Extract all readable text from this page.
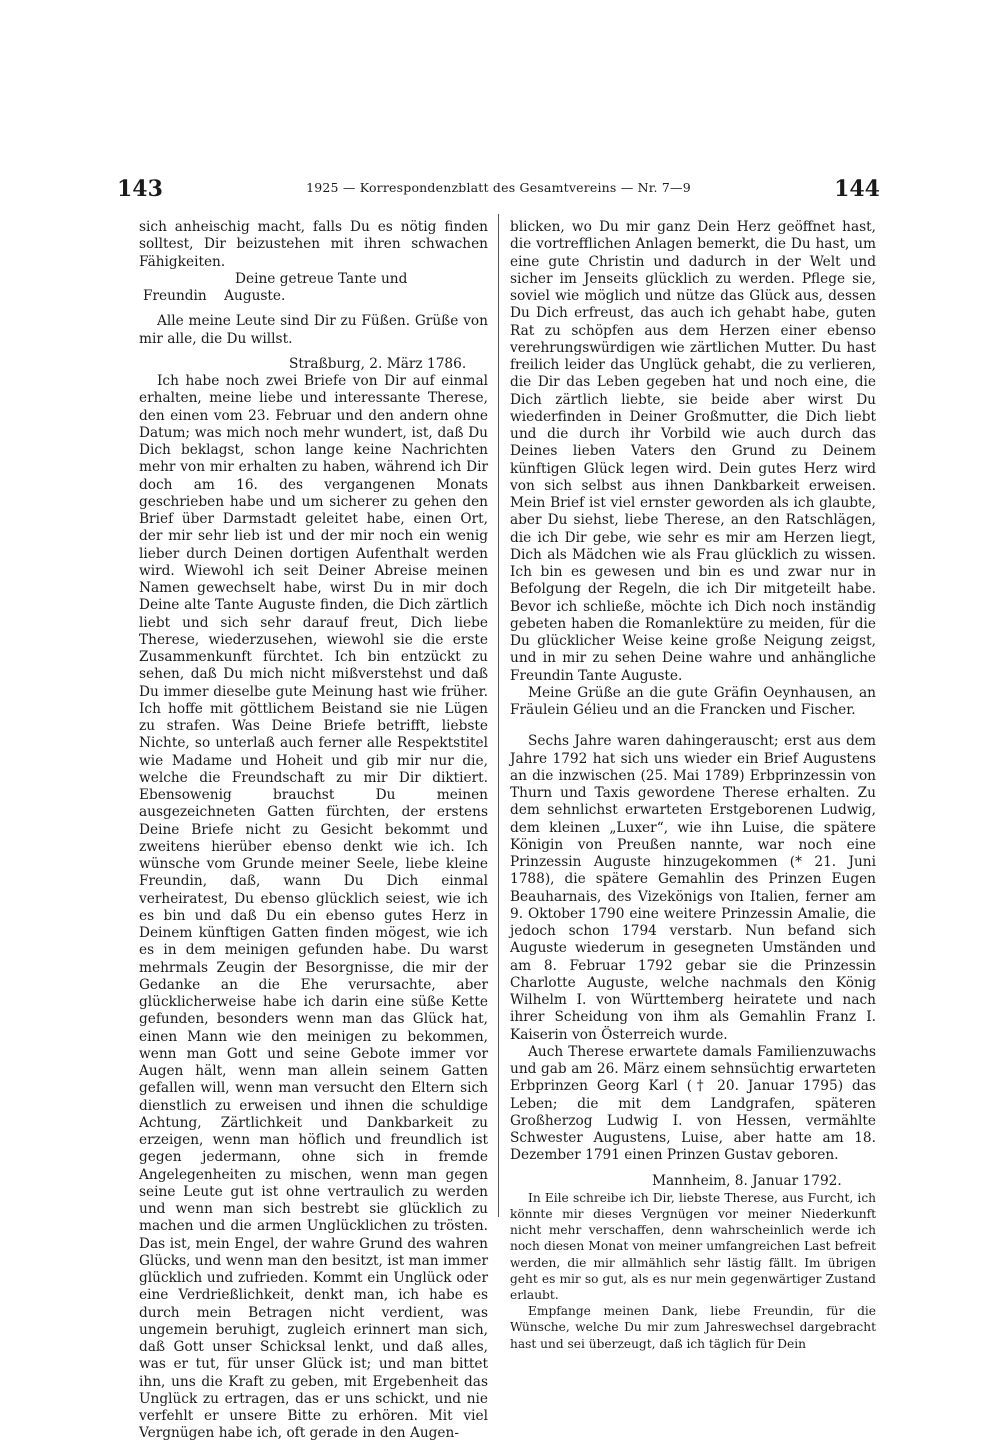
143	1925 — Korrespondenzblatt des Gesamtvereins — Nr. 7—9	144

sich anheischig macht, falls Du es nötig finden solltest, Dir beizustehen mit ihren schwachen Fähigkeiten.

Deine getreue Tante und

Freundin    Auguste.

Alle meine Leute sind Dir zu Füßen. Grüße von mir alle, die Du willst.

Straßburg, 2. März 1786.

Ich habe noch zwei Briefe von Dir auf einmal erhalten, meine liebe und interessante Therese, den einen vom 23. Februar und den andern ohne Datum; was mich noch mehr wundert, ist, daß Du Dich beklagst, schon lange keine Nachrichten mehr von mir erhalten zu haben, während ich Dir doch am 16. des vergangenen Monats geschrieben habe und um sicherer zu gehen den Brief über Darmstadt geleitet habe, einen Ort, der mir sehr lieb ist und der mir noch ein wenig lieber durch Deinen dortigen Aufenthalt werden wird. Wiewohl ich seit Deiner Abreise meinen Namen gewechselt habe, wirst Du in mir doch Deine alte Tante Auguste finden, die Dich zärtlich liebt und sich sehr darauf freut, Dich liebe Therese, wiederzusehen, wiewohl sie die erste Zusammenkunft fürchtet. Ich bin entzückt zu sehen, daß Du mich nicht mißverstehst und daß Du immer dieselbe gute Meinung hast wie früher. Ich hoffe mit göttlichem Beistand sie nie Lügen zu strafen. Was Deine Briefe betrifft, liebste Nichte, so unterlaß auch ferner alle Respektstitel wie Madame und Hoheit und gib mir nur die, welche die Freundschaft zu mir Dir diktiert. Ebensowenig brauchst Du meinen ausgezeichneten Gatten fürchten, der erstens Deine Briefe nicht zu Gesicht bekommt und zweitens hierüber ebenso denkt wie ich. Ich wünsche vom Grunde meiner Seele, liebe kleine Freundin, daß, wann Du Dich einmal verheiratest, Du ebenso glücklich seiest, wie ich es bin und daß Du ein ebenso gutes Herz in Deinem künftigen Gatten finden mögest, wie ich es in dem meinigen gefunden habe. Du warst mehrmals Zeugin der Besorgnisse, die mir der Gedanke an die Ehe verursachte, aber glücklicherweise habe ich darin eine süße Kette gefunden, besonders wenn man das Glück hat, einen Mann wie den meinigen zu bekommen, wenn man Gott und seine Gebote immer vor Augen hält, wenn man allein seinem Gatten gefallen will, wenn man versucht den Eltern sich dienstlich zu erweisen und ihnen die schuldige Achtung, Zärtlichkeit und Dankbarkeit zu erzeigen, wenn man höflich und freundlich ist gegen jedermann, ohne sich in fremde Angelegenheiten zu mischen, wenn man gegen seine Leute gut ist ohne vertraulich zu werden und wenn man sich bestrebt sie glücklich zu machen und die armen Unglücklichen zu trösten. Das ist, mein Engel, der wahre Grund des wahren Glücks, und wenn man den besitzt, ist man immer glücklich und zufrieden. Kommt ein Unglück oder eine Verdrießlichkeit, denkt man, ich habe es durch mein Betragen nicht verdient, was ungemein beruhigt, zugleich erinnert man sich, daß Gott unser Schicksal lenkt, und daß alles, was er tut, für unser Glück ist; und man bittet ihn, uns die Kraft zu geben, mit Ergebenheit das Unglück zu ertragen, das er uns schickt, und nie verfehlt er unsere Bitte zu erhören. Mit viel Vergnügen habe ich, oft gerade in den Augen-

blicken, wo Du mir ganz Dein Herz geöffnet hast, die vortrefflichen Anlagen bemerkt, die Du hast, um eine gute Christin und dadurch in der Welt und sicher im Jenseits glücklich zu werden. Pflege sie, soviel wie möglich und nütze das Glück aus, dessen Du Dich erfreust, das auch ich gehabt habe, guten Rat zu schöpfen aus dem Herzen einer ebenso verehrungswürdigen wie zärtlichen Mutter. Du hast freilich leider das Unglück gehabt, die zu verlieren, die Dir das Leben gegeben hat und noch eine, die Dich zärtlich liebte, sie beide aber wirst Du wiederfinden in Deiner Großmutter, die Dich liebt und die durch ihr Vorbild wie auch durch das Deines lieben Vaters den Grund zu Deinem künftigen Glück legen wird. Dein gutes Herz wird von sich selbst aus ihnen Dankbarkeit erweisen. Mein Brief ist viel ernster geworden als ich glaubte, aber Du siehst, liebe Therese, an den Ratschlägen, die ich Dir gebe, wie sehr es mir am Herzen liegt, Dich als Mädchen wie als Frau glücklich zu wissen. Ich bin es gewesen und bin es und zwar nur in Befolgung der Regeln, die ich Dir mitgeteilt habe. Bevor ich schließe, möchte ich Dich noch inständig gebeten haben die Romanlektüre zu meiden, für die Du glücklicher Weise keine große Neigung zeigst, und in mir zu sehen Deine wahre und anhängliche Freundin Tante Auguste.

Meine Grüße an die gute Gräfin Oeynhausen, an Fräulein Gélieu und an die Francken und Fischer.

Sechs Jahre waren dahingerauscht; erst aus dem Jahre 1792 hat sich uns wieder ein Brief Augustens an die inzwischen (25. Mai 1789) Erbprinzessin von Thurn und Taxis gewordene Therese erhalten. Zu dem sehnlichst erwarteten Erstgeborenen Ludwig, dem kleinen „Luxer“, wie ihn Luise, die spätere Königin von Preußen nannte, war noch eine Prinzessin Auguste hinzugekommen (* 21. Juni 1788), die spätere Gemahlin des Prinzen Eugen Beauharnais, des Vizekönigs von Italien, ferner am 9. Oktober 1790 eine weitere Prinzessin Amalie, die jedoch schon 1794 verstarb. Nun befand sich Auguste wiederum in gesegneten Umständen und am 8. Februar 1792 gebar sie die Prinzessin Charlotte Auguste, welche nachmals den König Wilhelm I. von Württemberg heiratete und nach ihrer Scheidung von ihm als Gemahlin Franz I. Kaiserin von Österreich wurde.

Auch Therese erwartete damals Familienzuwachs und gab am 26. März einem sehnsüchtig erwarteten Erbprinzen Georg Karl († 20. Januar 1795) das Leben; die mit dem Landgrafen, späteren Großherzog Ludwig I. von Hessen, vermählte Schwester Augustens, Luise, aber hatte am 18. Dezember 1791 einen Prinzen Gustav geboren.

Mannheim, 8. Januar 1792.

In Eile schreibe ich Dir, liebste Therese, aus Furcht, ich könnte mir dieses Vergnügen vor meiner Niederkunft nicht mehr verschaffen, denn wahrscheinlich werde ich noch diesen Monat von meiner umfangreichen Last befreit werden, die mir allmählich sehr lästig fällt. Im übrigen geht es mir so gut, als es nur mein gegenwärtiger Zustand erlaubt.

Empfange meinen Dank, liebe Freundin, für die Wünsche, welche Du mir zum Jahreswechsel dargebracht hast und sei überzeugt, daß ich täglich für Dein
